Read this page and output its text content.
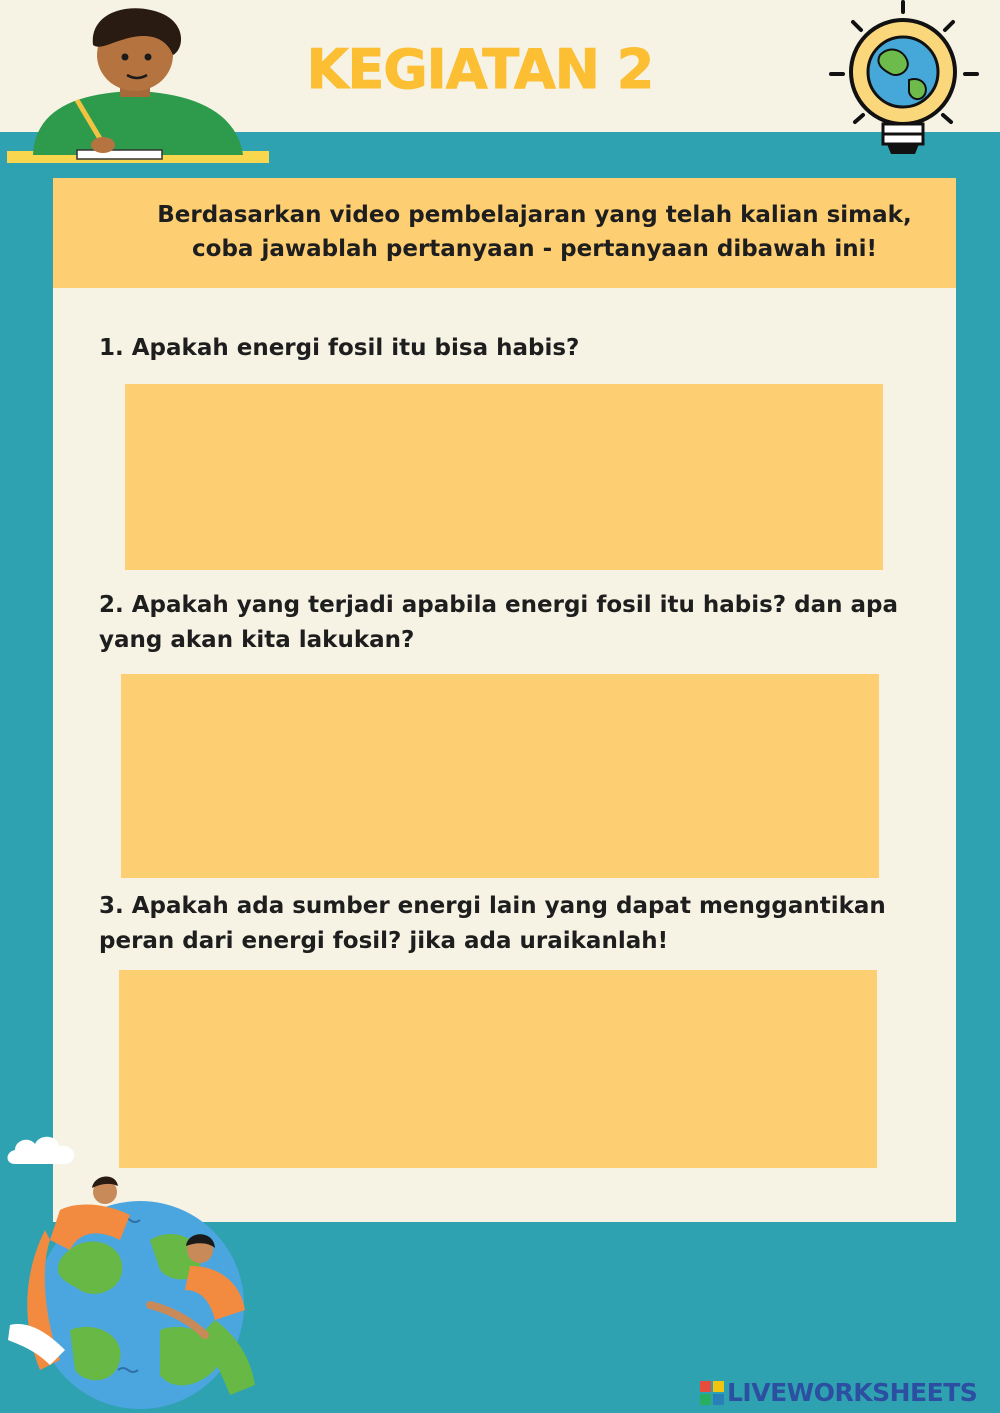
KEGIATAN 2

Berdasarkan video pembelajaran yang telah kalian simak,
coba jawablah pertanyaan - pertanyaan dibawah ini!

1. Apakah energi fosil itu bisa habis?

2. Apakah yang terjadi apabila energi fosil itu habis? dan apa yang akan kita lakukan?

3. Apakah ada sumber energi lain yang dapat menggantikan peran dari energi fosil? jika ada uraikanlah!

LIVEWORKSHEETS
